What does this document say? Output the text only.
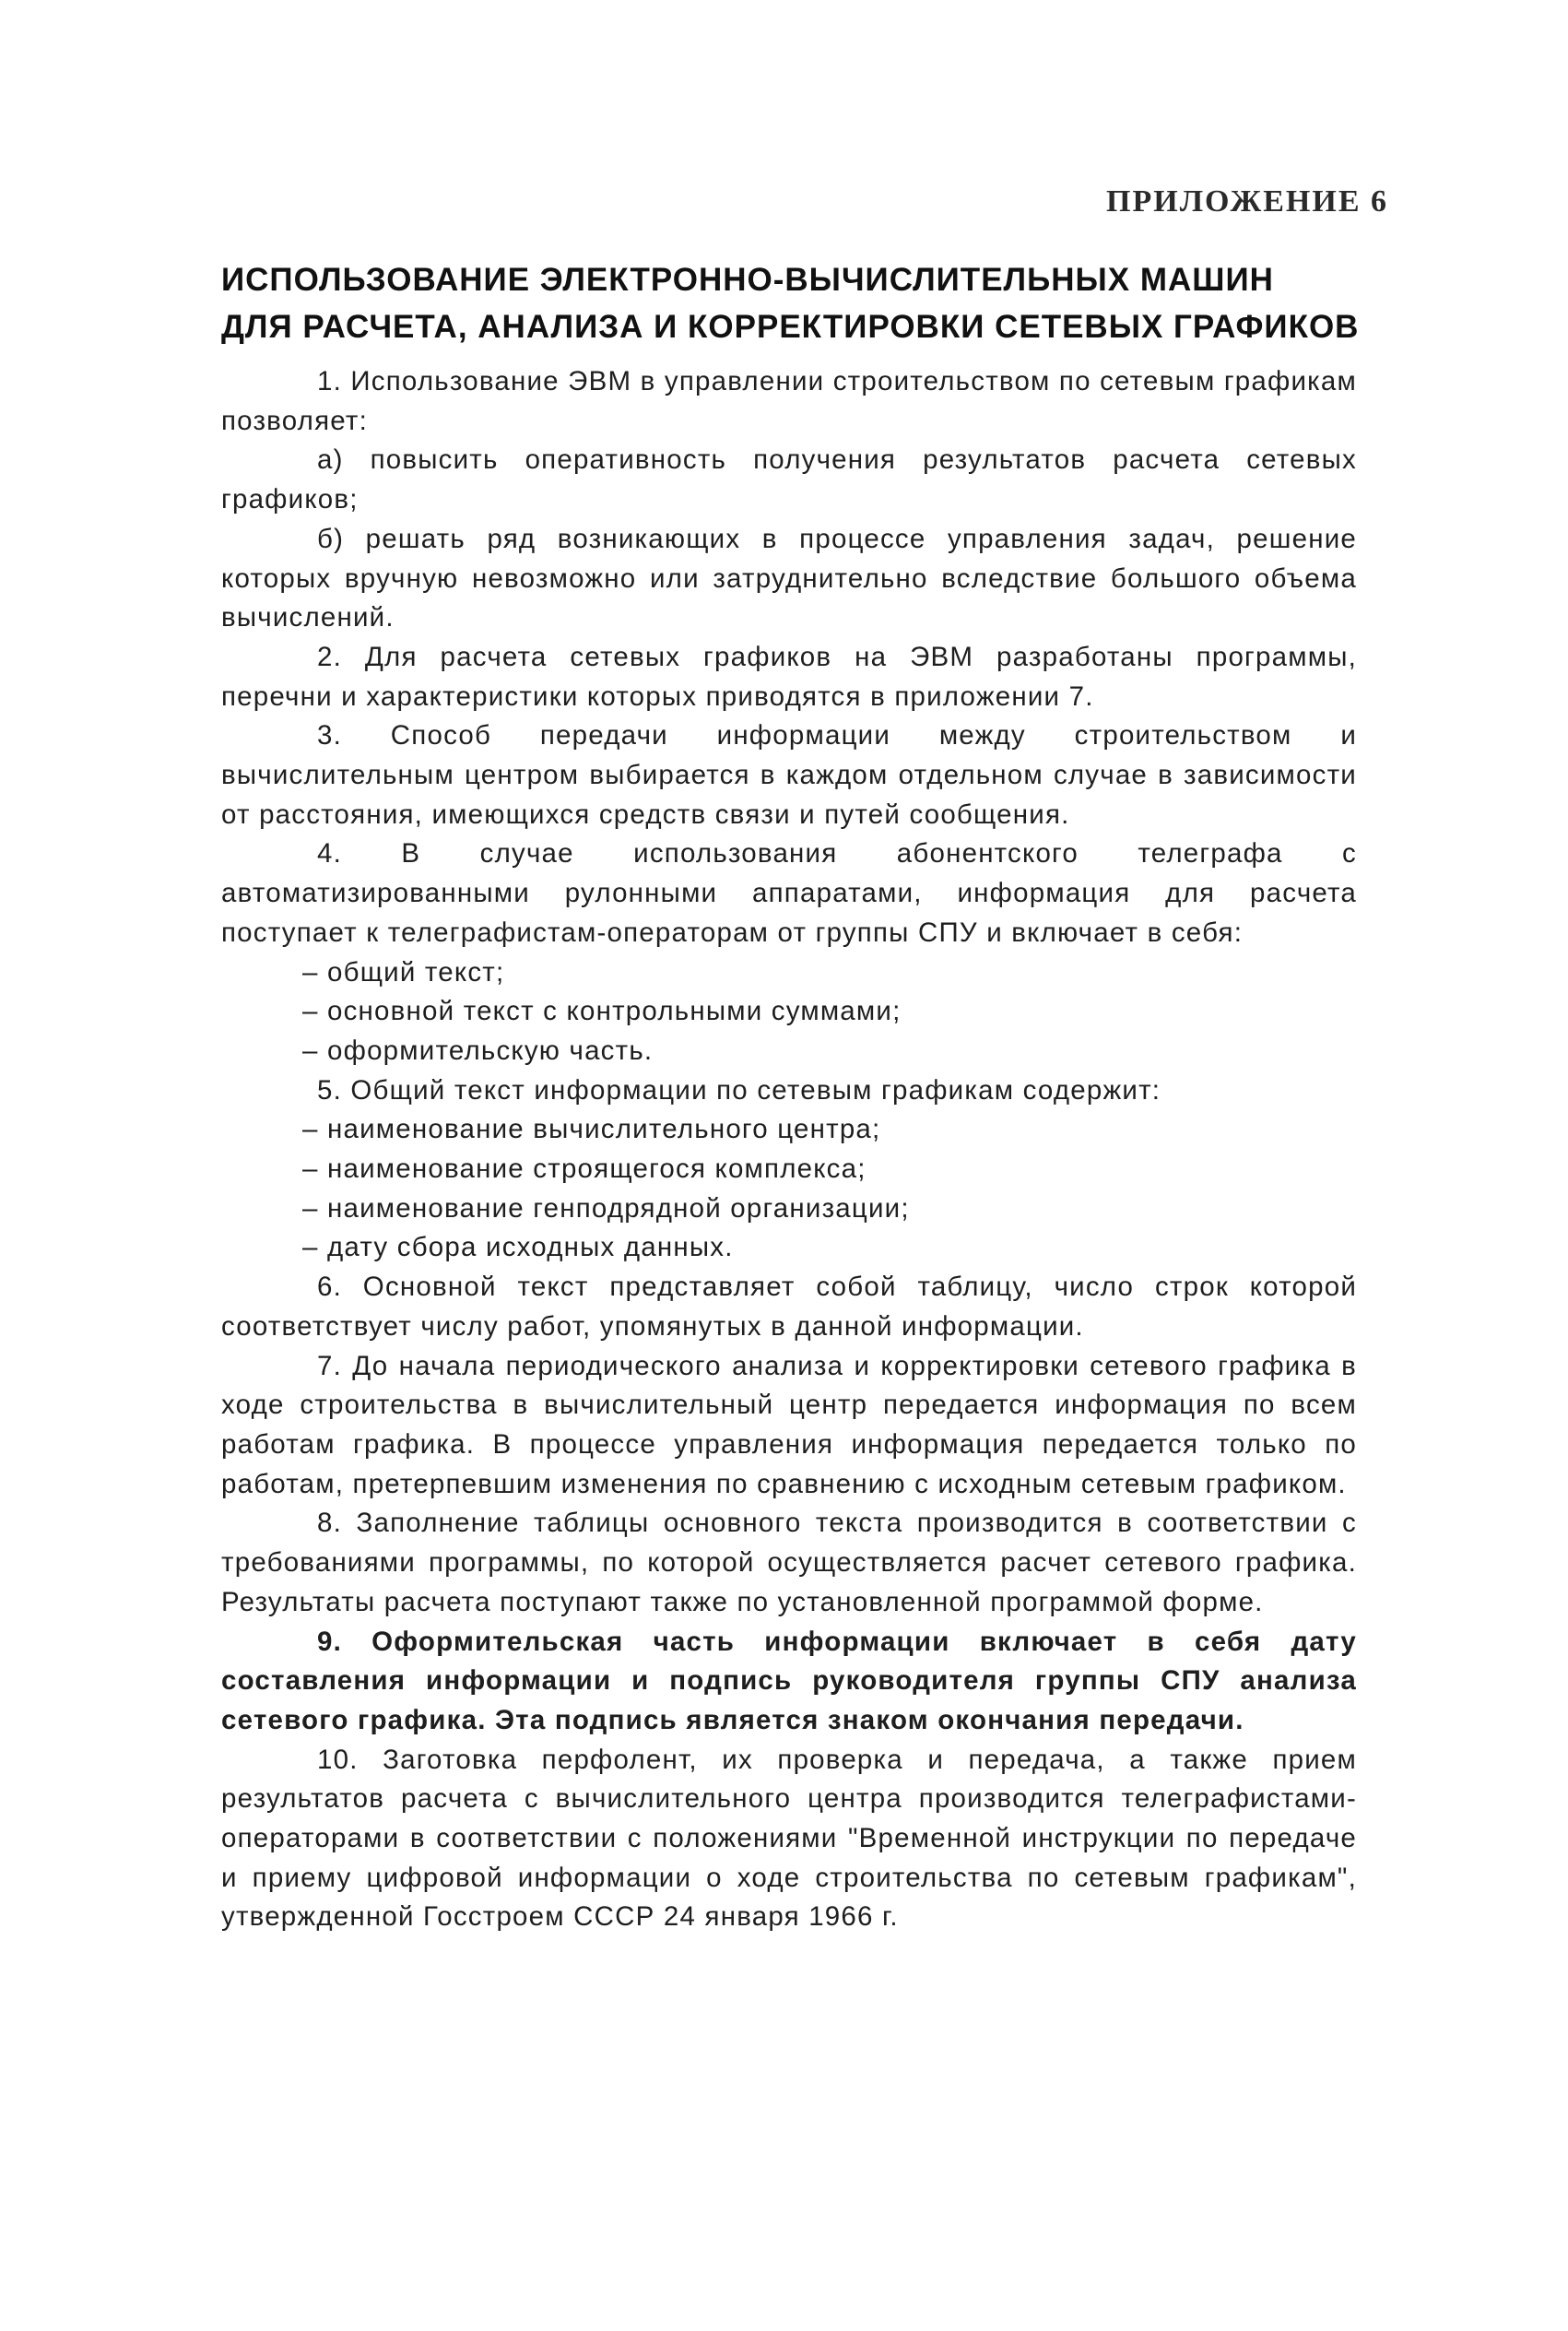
ПРИЛОЖЕНИЕ 6
ИСПОЛЬЗОВАНИЕ ЭЛЕКТРОННО-ВЫЧИСЛИТЕЛЬНЫХ МАШИН
ДЛЯ РАСЧЕТА, АНАЛИЗА И КОРРЕКТИРОВКИ СЕТЕВЫХ ГРАФИКОВ

1. Использование ЭВМ в управлении строительством по сетевым графикам позволяет:

а) повысить оперативность получения результатов расчета сетевых графиков;

б) решать ряд возникающих в процессе управления задач, решение которых вручную невозможно или затруднительно вследствие большого объема вычислений.

2. Для расчета сетевых графиков на ЭВМ разработаны программы, перечни и характеристики которых приводятся в приложении 7.

3. Способ передачи информации между строительством и вычислительным центром выбирается в каждом отдельном случае в зависимости от расстояния, имеющихся средств связи и путей сообщения.

4. В случае использования абонентского телеграфа с автоматизированными рулонными аппаратами, информация для расчета поступает к телеграфистам-операторам от группы СПУ и включает в себя:

– общий текст;

– основной текст с контрольными суммами;

– оформительскую часть.

5. Общий текст информации по сетевым графикам содержит:

– наименование вычислительного центра;

– наименование строящегося комплекса;

– наименование генподрядной организации;

– дату сбора исходных данных.

6. Основной текст представляет собой таблицу, число строк которой соответствует числу работ, упомянутых в данной информации.

7. До начала периодического анализа и корректировки сетевого графика в ходе строительства в вычислительный центр передается информация по всем работам графика. В процессе управления информация передается только по работам, претерпевшим изменения по сравнению с исходным сетевым графиком.

8. Заполнение таблицы основного текста производится в соответствии с требованиями программы, по которой осуществляется расчет сетевого графика. Результаты расчета поступают также по установленной программой форме.

9. Оформительская часть информации включает в себя дату составления информации и подпись руководителя группы СПУ анализа сетевого графика. Эта подпись является знаком окончания передачи.

10. Заготовка перфолент, их проверка и передача, а также прием результатов расчета с вычислительного центра производится телеграфистами-операторами в соответствии с положениями "Временной инструкции по передаче и приему цифровой информации о ходе строительства по сетевым графикам", утвержденной Госстроем СССР 24 января 1966 г.
